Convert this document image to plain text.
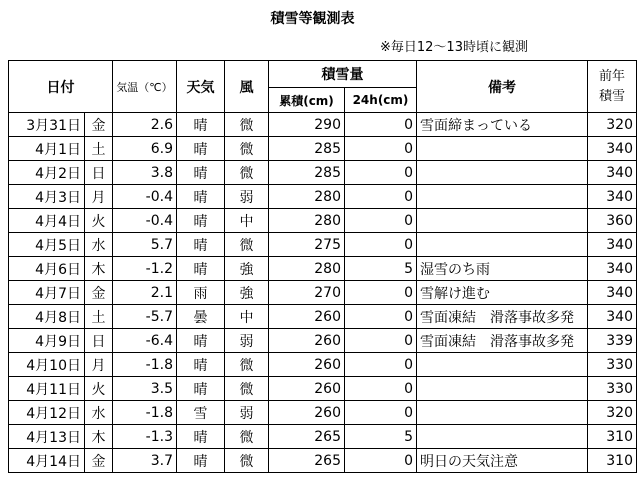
積雪等観測表
※毎日12〜13時頃に観測
日付		気温（℃）	天気	風	積雪量		備考	前年
積雪
					累積(cm)	24h(cm)		
3月31日	金	2.6	晴	微	290	0	雪面締まっている	320
4月1日	土	6.9	晴	微	285	0		340
4月2日	日	3.8	晴	微	285	0		340
4月3日	月	-0.4	晴	弱	280	0		340
4月4日	火	-0.4	晴	中	280	0		360
4月5日	水	5.7	晴	微	275	0		340
4月6日	木	-1.2	晴	強	280	5	湿雪のち雨	340
4月7日	金	2.1	雨	強	270	0	雪解け進む	340
4月8日	土	-5.7	曇	中	260	0	雪面凍結　滑落事故多発	340
4月9日	日	-6.4	晴	弱	260	0	雪面凍結　滑落事故多発	339
4月10日	月	-1.8	晴	微	260	0		330
4月11日	火	3.5	晴	微	260	0		330
4月12日	水	-1.8	雪	弱	260	0		320
4月13日	木	-1.3	晴	微	265	5		310
4月14日	金	3.7	晴	微	265	0	明日の天気注意	310
